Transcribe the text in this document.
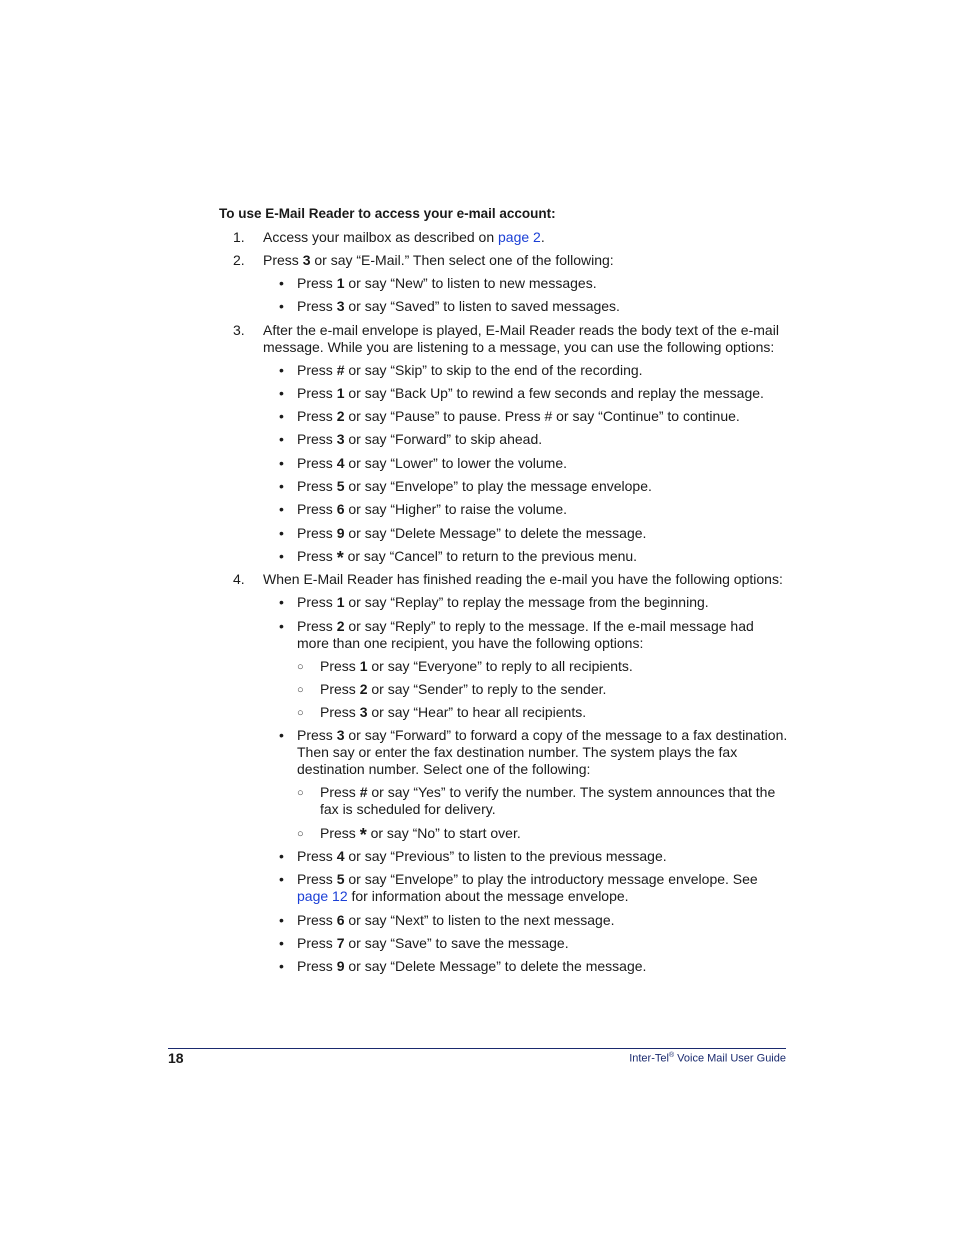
To use E-Mail Reader to access your e-mail account:

1. Access your mailbox as described on page 2.
2. Press 3 or say “E-Mail.” Then select one of the following:
• Press 1 or say “New” to listen to new messages.
• Press 3 or say “Saved” to listen to saved messages.
3. After the e-mail envelope is played, E-Mail Reader reads the body text of the e-mail message. While you are listening to a message, you can use the following options:
• Press # or say “Skip” to skip to the end of the recording.
• Press 1 or say “Back Up” to rewind a few seconds and replay the message.
• Press 2 or say “Pause” to pause. Press # or say “Continue” to continue.
• Press 3 or say “Forward” to skip ahead.
• Press 4 or say “Lower” to lower the volume.
• Press 5 or say “Envelope” to play the message envelope.
• Press 6 or say “Higher” to raise the volume.
• Press 9 or say “Delete Message” to delete the message.
• Press * or say “Cancel” to return to the previous menu.
4. When E-Mail Reader has finished reading the e-mail you have the following options:
• Press 1 or say “Replay” to replay the message from the beginning.
• Press 2 or say “Reply” to reply to the message. If the e-mail message had more than one recipient, you have the following options:
○ Press 1 or say “Everyone” to reply to all recipients.
○ Press 2 or say “Sender” to reply to the sender.
○ Press 3 or say “Hear” to hear all recipients.
• Press 3 or say “Forward” to forward a copy of the message to a fax destination. Then say or enter the fax destination number. The system plays the fax destination number. Select one of the following:
○ Press # or say “Yes” to verify the number. The system announces that the fax is scheduled for delivery.
○ Press * or say “No” to start over.
• Press 4 or say “Previous” to listen to the previous message.
• Press 5 or say “Envelope” to play the introductory message envelope. See page 12 for information about the message envelope.
• Press 6 or say “Next” to listen to the next message.
• Press 7 or say “Save” to save the message.
• Press 9 or say “Delete Message” to delete the message.
18	Inter-Tel® Voice Mail User Guide
